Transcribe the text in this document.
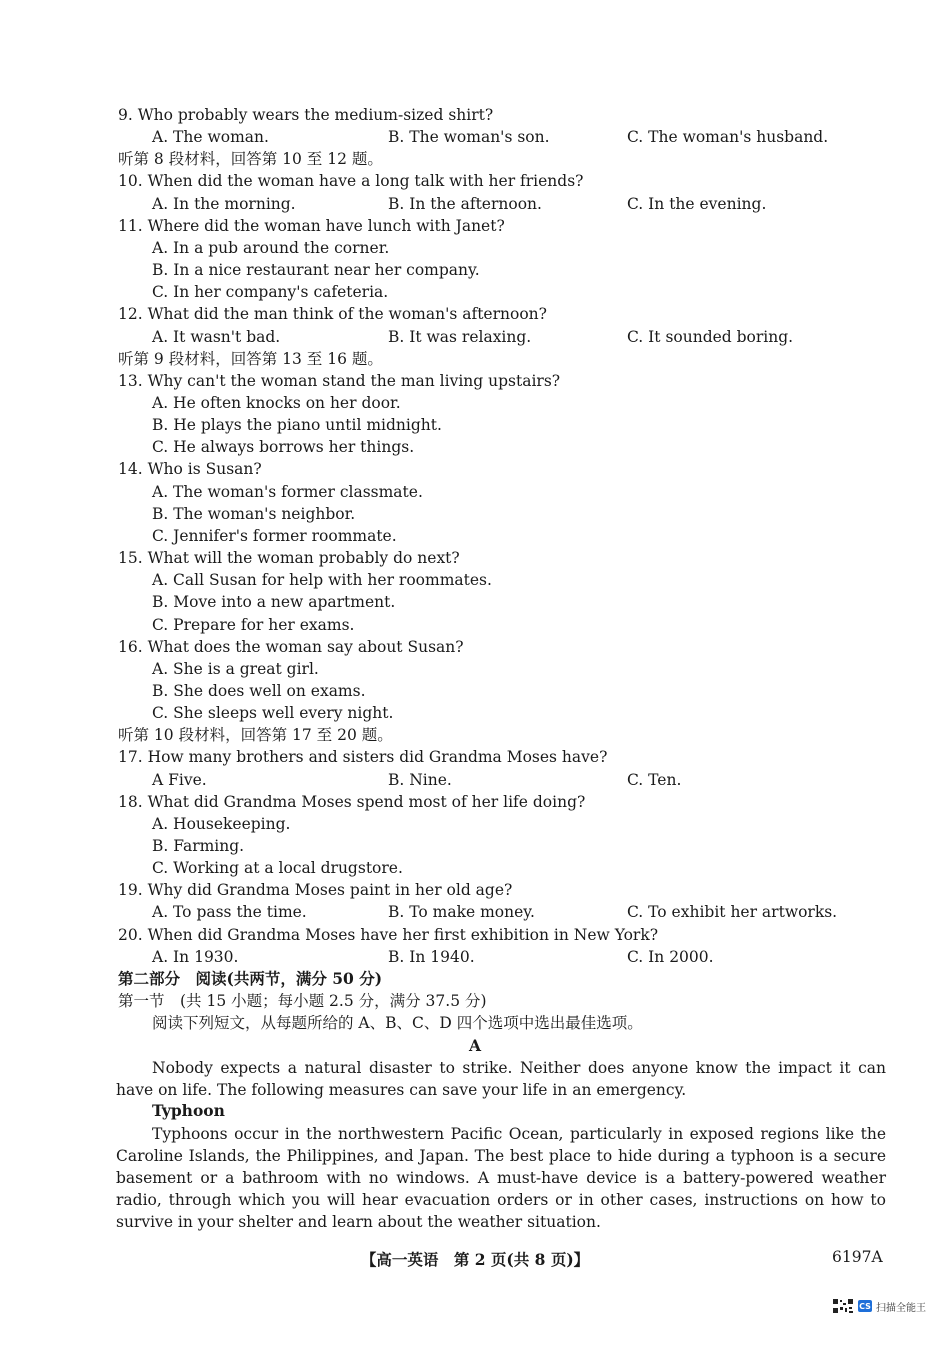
9. Who probably wears the medium-sized shirt?
A. The woman.	B. The woman's son.	C. The woman's husband.
听第 8 段材料，回答第 10 至 12 题。
10. When did the woman have a long talk with her friends?
A. In the morning.	B. In the afternoon.	C. In the evening.
11. Where did the woman have lunch with Janet?
A. In a pub around the corner.
B. In a nice restaurant near her company.
C. In her company's cafeteria.
12. What did the man think of the woman's afternoon?
A. It wasn't bad.	B. It was relaxing.	C. It sounded boring.
听第 9 段材料，回答第 13 至 16 题。
13. Why can't the woman stand the man living upstairs?
A. He often knocks on her door.
B. He plays the piano until midnight.
C. He always borrows her things.
14. Who is Susan?
A. The woman's former classmate.
B. The woman's neighbor.
C. Jennifer's former roommate.
15. What will the woman probably do next?
A. Call Susan for help with her roommates.
B. Move into a new apartment.
C. Prepare for her exams.
16. What does the woman say about Susan?
A. She is a great girl.
B. She does well on exams.
C. She sleeps well every night.
听第 10 段材料，回答第 17 至 20 题。
17. How many brothers and sisters did Grandma Moses have?
A Five.	B. Nine.	C. Ten.
18. What did Grandma Moses spend most of her life doing?
A. Housekeeping.
B. Farming.
C. Working at a local drugstore.
19. Why did Grandma Moses paint in her old age?
A. To pass the time.	B. To make money.	C. To exhibit her artworks.
20. When did Grandma Moses have her first exhibition in New York?
A. In 1930.	B. In 1940.	C. In 2000.
第二部分　阅读(共两节，满分 50 分)
第一节　(共 15 小题；每小题 2.5 分，满分 37.5 分)
阅读下列短文，从每题所给的 A、B、C、D 四个选项中选出最佳选项。
A
Nobody expects a natural disaster to strike. Neither does anyone know the impact it can have on life. The following measures can save your life in an emergency.
Typhoon
Typhoons occur in the northwestern Pacific Ocean, particularly in exposed regions like the Caroline Islands, the Philippines, and Japan. The best place to hide during a typhoon is a secure basement or a bathroom with no windows. A must-have device is a battery-powered weather radio, through which you will hear evacuation orders or in other cases, instructions on how to survive in your shelter and learn about the weather situation.
【高一英语　第 2 页(共 8 页)】	6197A
CS 扫描全能王
